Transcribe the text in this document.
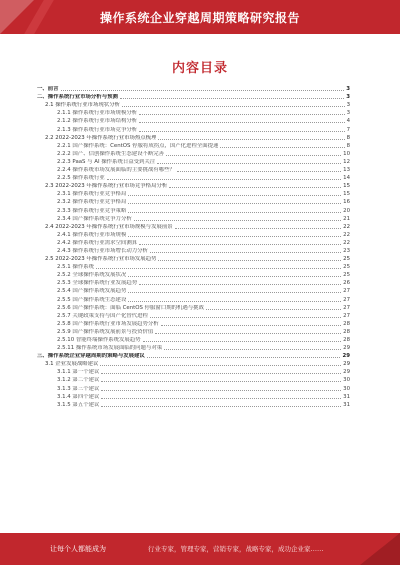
操作系统企业穿越周期策略研究报告
内容目录
一、前言	3
二、操作系统行业市场分析与预测	3
2.1 操作系统行业市场现状分析	3
2.1.1 操作系统行业市场规模分析	3
2.1.2 操作系统行业市场结构分析	4
2.1.3 操作系统行业市场竞争分析	7
2.2 2022-2023 年操作系统行业市场热点梳理	8
2.2.1 国产操作系统：CentOS 停服将成拐点，国产化进程全面提速	8
2.2.2 国产、信创操作系统生态建设不断完善	10
2.2.3 PaaS 与 AI 操作系统日益受到关注	12
2.2.4 操作系统市场发展面临的主要挑战有哪些？	13
2.2.5 操作系统行业	14
2.3 2022-2023 年操作系统行业市场竞争格局分析	15
2.3.1 操作系统行业竞争格局	15
2.3.2 操作系统行业竞争格局	16
2.3.3 操作系统行业竞争策略	20
2.3.4 国产操作系统竞争力分析	21
2.4 2022-2023 年操作系统行业市场规模与发展前景	22
2.4.1 操作系统行业市场规模	22
2.4.2 操作系统行业需求空间测算	22
2.4.3 操作系统行业市场增长动力分析	23
2.5 2022-2023 年操作系统行业市场发展趋势	25
2.5.1 操作系统	25
2.5.2 全球操作系统发展状况	25
2.5.3 全球操作系统行业发展趋势	26
2.5.4 国产操作系统发展趋势	27
2.5.5 国产操作系统生态建设	27
2.5.6 国产操作系统：面临 CentOS 停服窗口期的机遇与挑战	27
2.5.7 关键政策支持与国产化替代进程	27
2.5.8 国产操作系统行业市场发展趋势分析	28
2.5.9 国产操作系统发展前景与投资价值	28
2.5.10 智能终端操作系统发展趋势	28
2.5.11 操作系统市场发展面临的问题与对策	29
三、操作系统企业穿越周期的策略与发展建议	29
3.1 企业发展战略建议	29
3.1.1 第一个建议	29
3.1.2 第二个建议	30
3.1.3 第三个建议	30
3.1.4 第四个建议	31
3.1.5 第五个建议	31
让每个人都能成为	行业专家，管理专家，营销专家，战略专家，成功企业家……
